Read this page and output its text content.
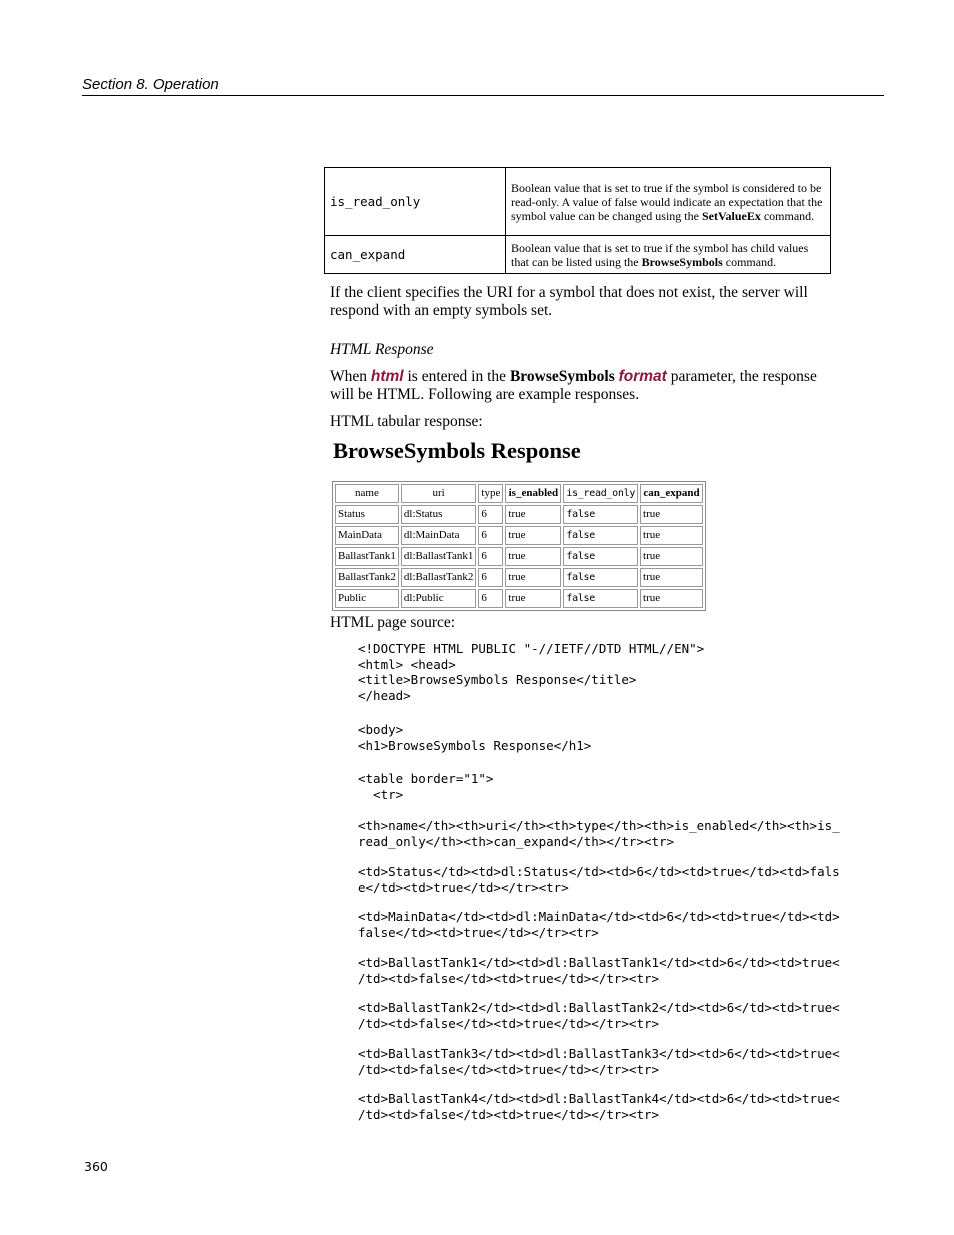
Section 8. Operation
is_read_only	Boolean value that is set to true if the symbol is considered to be read-only. A value of false would indicate an expectation that the symbol value can be changed using the SetValueEx command.
can_expand	Boolean value that is set to true if the symbol has child values that can be listed using the BrowseSymbols command.
If the client specifies the URI for a symbol that does not exist, the server will respond with an empty symbols set.
HTML Response
When html is entered in the BrowseSymbols format parameter, the response will be HTML. Following are example responses.
HTML tabular response:
BrowseSymbols Response
name	uri	type	is_enabled	is_read_only	can_expand
Status	dl:Status	6	true	false	true
MainData	dl:MainData	6	true	false	true
BallastTank1	dl:BallastTank1	6	true	false	true
BallastTank2	dl:BallastTank2	6	true	false	true
Public	dl:Public	6	true	false	true
HTML page source:
<!DOCTYPE HTML PUBLIC "-//IETF//DTD HTML//EN">
<html> <head>
<title>BrowseSymbols Response</title>
</head>
<body>
<h1>BrowseSymbols Response</h1>
<table border="1">
<tr>
<th>name</th><th>uri</th><th>type</th><th>is_enabled</th><th>is_
read_only</th><th>can_expand</th></tr><tr>
<td>Status</td><td>dl:Status</td><td>6</td><td>true</td><td>fals
e</td><td>true</td></tr><tr>
<td>MainData</td><td>dl:MainData</td><td>6</td><td>true</td><td>
false</td><td>true</td></tr><tr>
<td>BallastTank1</td><td>dl:BallastTank1</td><td>6</td><td>true<
/td><td>false</td><td>true</td></tr><tr>
<td>BallastTank2</td><td>dl:BallastTank2</td><td>6</td><td>true<
/td><td>false</td><td>true</td></tr><tr>
<td>BallastTank3</td><td>dl:BallastTank3</td><td>6</td><td>true<
/td><td>false</td><td>true</td></tr><tr>
<td>BallastTank4</td><td>dl:BallastTank4</td><td>6</td><td>true<
/td><td>false</td><td>true</td></tr><tr>
360
